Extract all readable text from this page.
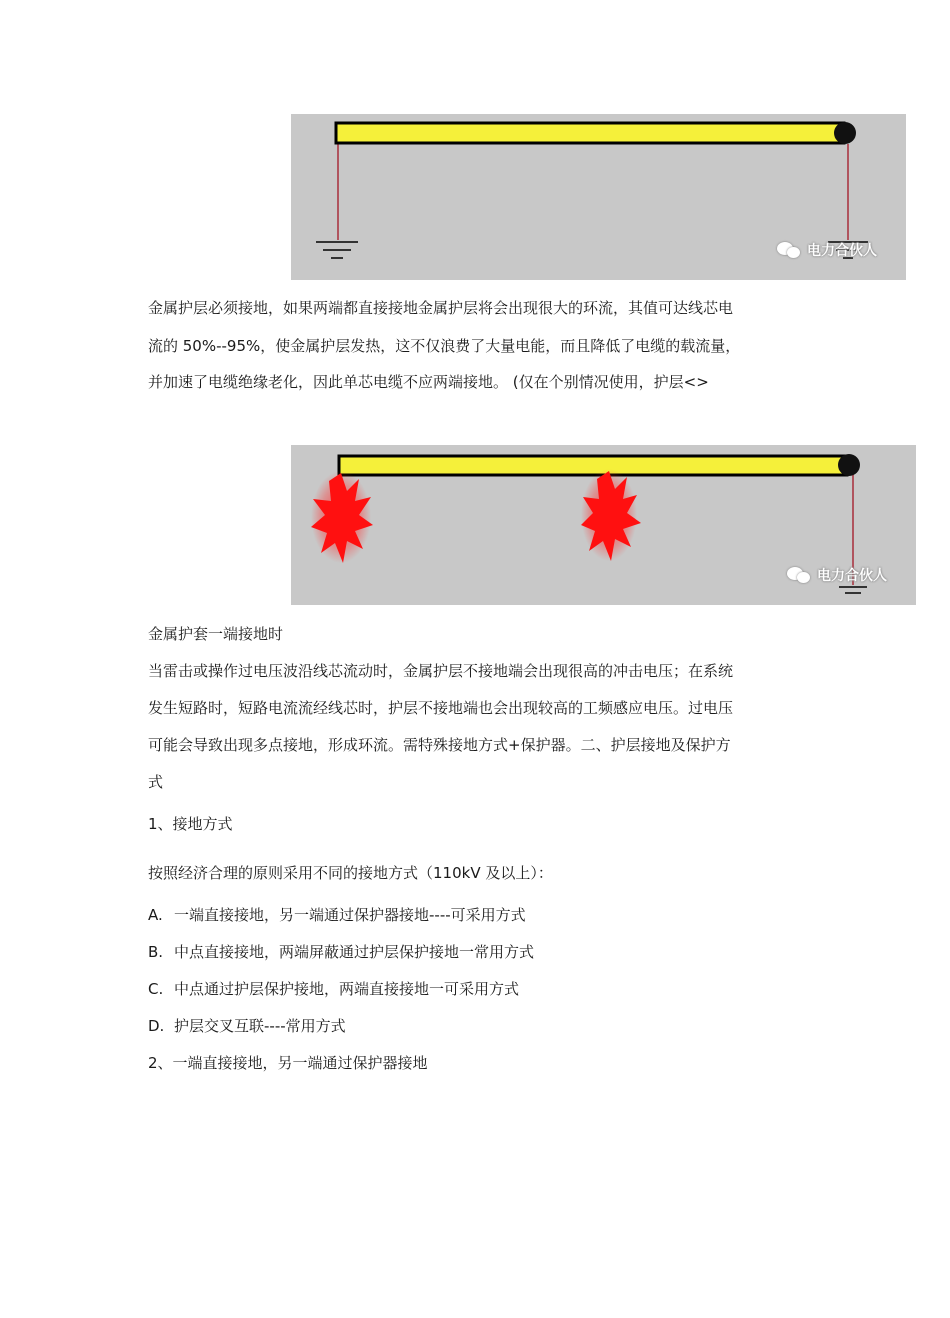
电力合伙人
金属护层必须接地，如果两端都直接接地金属护层将会出现很大的环流，其值可达线芯电
流的 50%--95%，使金属护层发热，这不仅浪费了大量电能，而且降低了电缆的载流量，
并加速了电缆绝缘老化，因此单芯电缆不应两端接地。 (仅在个别情况使用，护层<>
电力合伙人
金属护套一端接地时
当雷击或操作过电压波沿线芯流动时，金属护层不接地端会出现很高的冲击电压；在系统
发生短路时，短路电流流经线芯时，护层不接地端也会出现较高的工频感应电压。过电压
可能会导致出现多点接地，形成环流。需特殊接地方式+保护器。二、护层接地及保护方
式
1、接地方式
按照经济合理的原则采用不同的接地方式（110kV 及以上）：
A. 一端直接接地，另一端通过保护器接地----可采用方式
B. 中点直接接地，两端屏蔽通过护层保护接地一常用方式
C. 中点通过护层保护接地，两端直接接地一可采用方式
D. 护层交叉互联----常用方式
2、一端直接接地，另一端通过保护器接地
